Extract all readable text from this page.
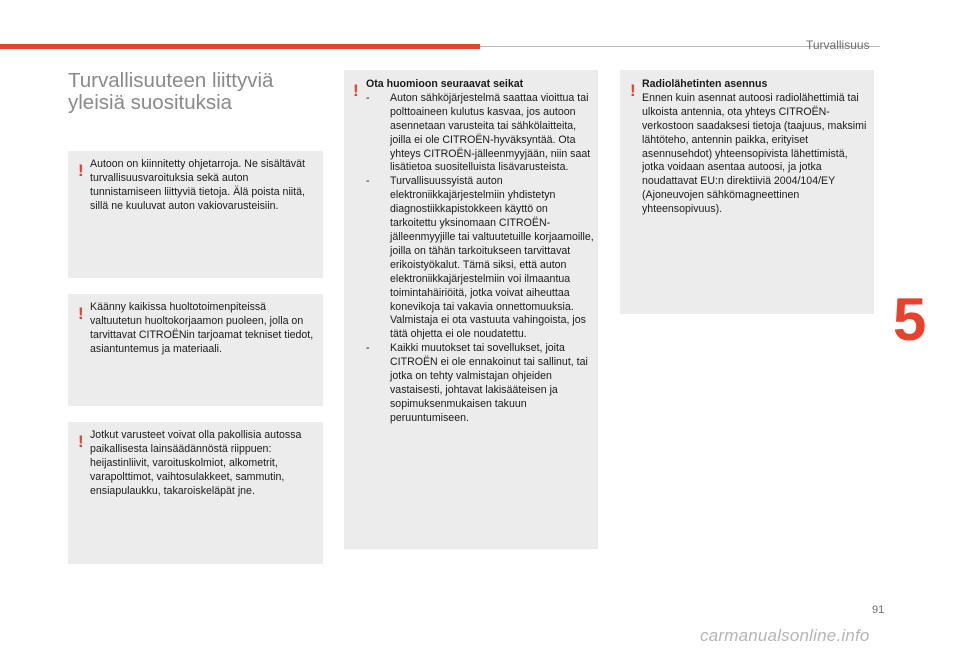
Turvallisuus
Turvallisuuteen liittyviä yleisiä suosituksia
! Autoon on kiinnitetty ohjetarroja. Ne sisältävät turvallisuusvaroituksia sekä auton tunnistamiseen liittyviä tietoja. Älä poista niitä, sillä ne kuuluvat auton vakiovarusteisiin.
! Käänny kaikissa huoltotoimenpiteissä valtuutetun huoltokorjaamon puoleen, jolla on tarvittavat CITROËNin tarjoamat tekniset tiedot, asiantuntemus ja materiaali.
! Jotkut varusteet voivat olla pakollisia autossa paikallisesta lainsäädännöstä riippuen: heijastinliivit, varoituskolmiot, alkometrit, varapolttimot, vaihtosulakkeet, sammutin, ensiapulaukku, takaroiskeläpät jne.
! Ota huomioon seuraavat seikat
- Auton sähköjärjestelmä saattaa vioittua tai polttoaineen kulutus kasvaa, jos autoon asennetaan varusteita tai sähkölaitteita, joilla ei ole CITROËN-hyväksyntää. Ota yhteys CITROËN-jälleenmyyjään, niin saat lisätietoa suositelluista lisävarusteista.
- Turvallisuussyistä auton elektroniikkajärjestelmiin yhdistetyn diagnostiikkapistokkeen käyttö on tarkoitettu yksinomaan CITROËN-jälleenmyyjille tai valtuutetuille korjaamoille, joilla on tähän tarkoitukseen tarvittavat erikoistyökalut. Tämä siksi, että auton elektroniikkajärjestelmiin voi ilmaantua toimintahäiriöitä, jotka voivat aiheuttaa konevikoja tai vakavia onnettomuuksia. Valmistaja ei ota vastuuta vahingoista, jos tätä ohjetta ei ole noudatettu.
- Kaikki muutokset tai sovellukset, joita CITROËN ei ole ennakoinut tai sallinut, tai jotka on tehty valmistajan ohjeiden vastaisesti, johtavat lakisääteisen ja sopimuksenmukaisen takuun peruuntumiseen.
! Radiolähetinten asennus

Ennen kuin asennat autoosi radiolähettimiä tai ulkoista antennia, ota yhteys CITROËN-verkostoon saadaksesi tietoja (taajuus, maksimi lähtöteho, antennin paikka, erityiset asennusehdot) yhteensopivista lähettimistä, jotka voidaan asentaa autoosi, ja jotka noudattavat EU:n direktiiviä 2004/104/EY (Ajoneuvojen sähkömagneettinen yhteensopivuus).

5
91
carmanualsonline.info
